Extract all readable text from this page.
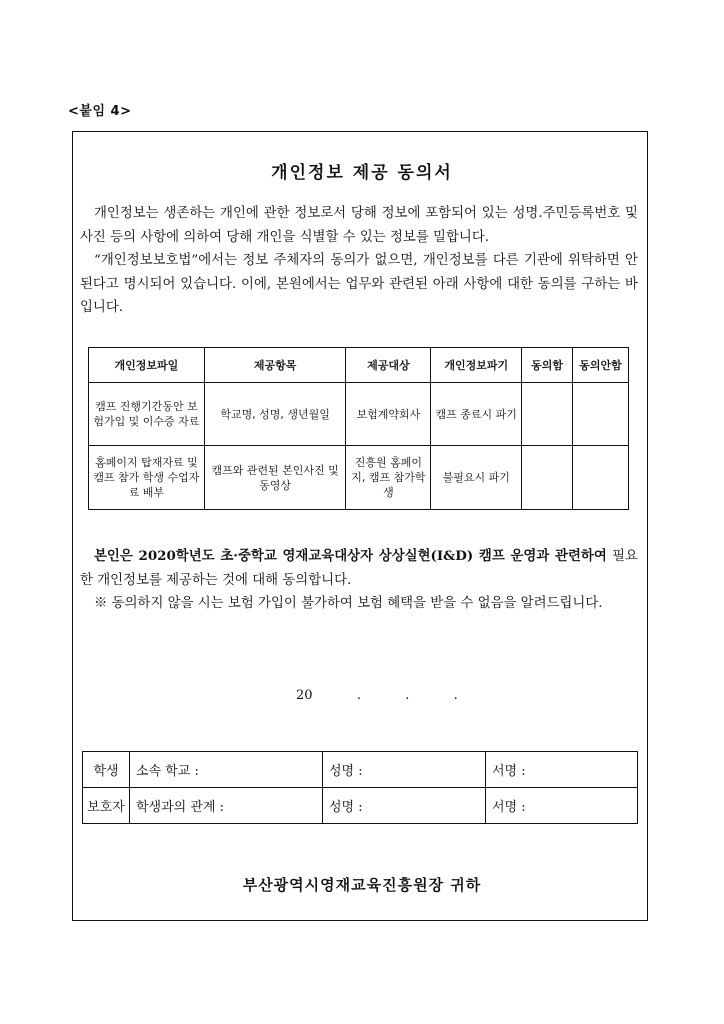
<붙임 4>
개인정보 제공 동의서

개인정보는 생존하는 개인에 관한 정보로서 당해 정보에 포함되어 있는 성명.주민등록번호 및 사진 등의 사항에 의하여 당해 개인을 식별할 수 있는 정보를 밀합니다.

“개인정보보호법”에서는 정보 주체자의 동의가 없으면, 개인정보를 다른 기관에 위탁하면 안 된다고 명시되어 있습니다. 이에, 본원에서는 업무와 관련된 아래 사항에 대한 동의를 구하는 바입니다.

개인정보파일	제공항목	제공대상	개인정보파기	동의함	동의안함
캠프 진행기간동안 보험가입 및 이수증 자료	학교명, 성명, 생년월일	보험계약회사	캠프 종료시 파기		
홈페이지 탑재자료 및 캠프 참가 학생 수업자료 배부	캠프와 관련된 본인사진 및 동영상	진흥원 홈페이지, 캠프 참가학생	불필요시 파기		

본인은 2020학년도 초·중학교 영재교육대상자 상상실현(I&D) 캠프 운영과 관련하여 필요한 개인정보를 제공하는 것에 대해 동의합니다.

※ 동의하지 않을 시는 보험 가입이 불가하여 보험 혜택을 받을 수 없음을 알려드립니다.

20	.	.	.
학생	소속 학교 :	성명 :	서명 :
보호자	학생과의 관계 :	성명 :	서명 :
부산광역시영재교육진흥원장 귀하
